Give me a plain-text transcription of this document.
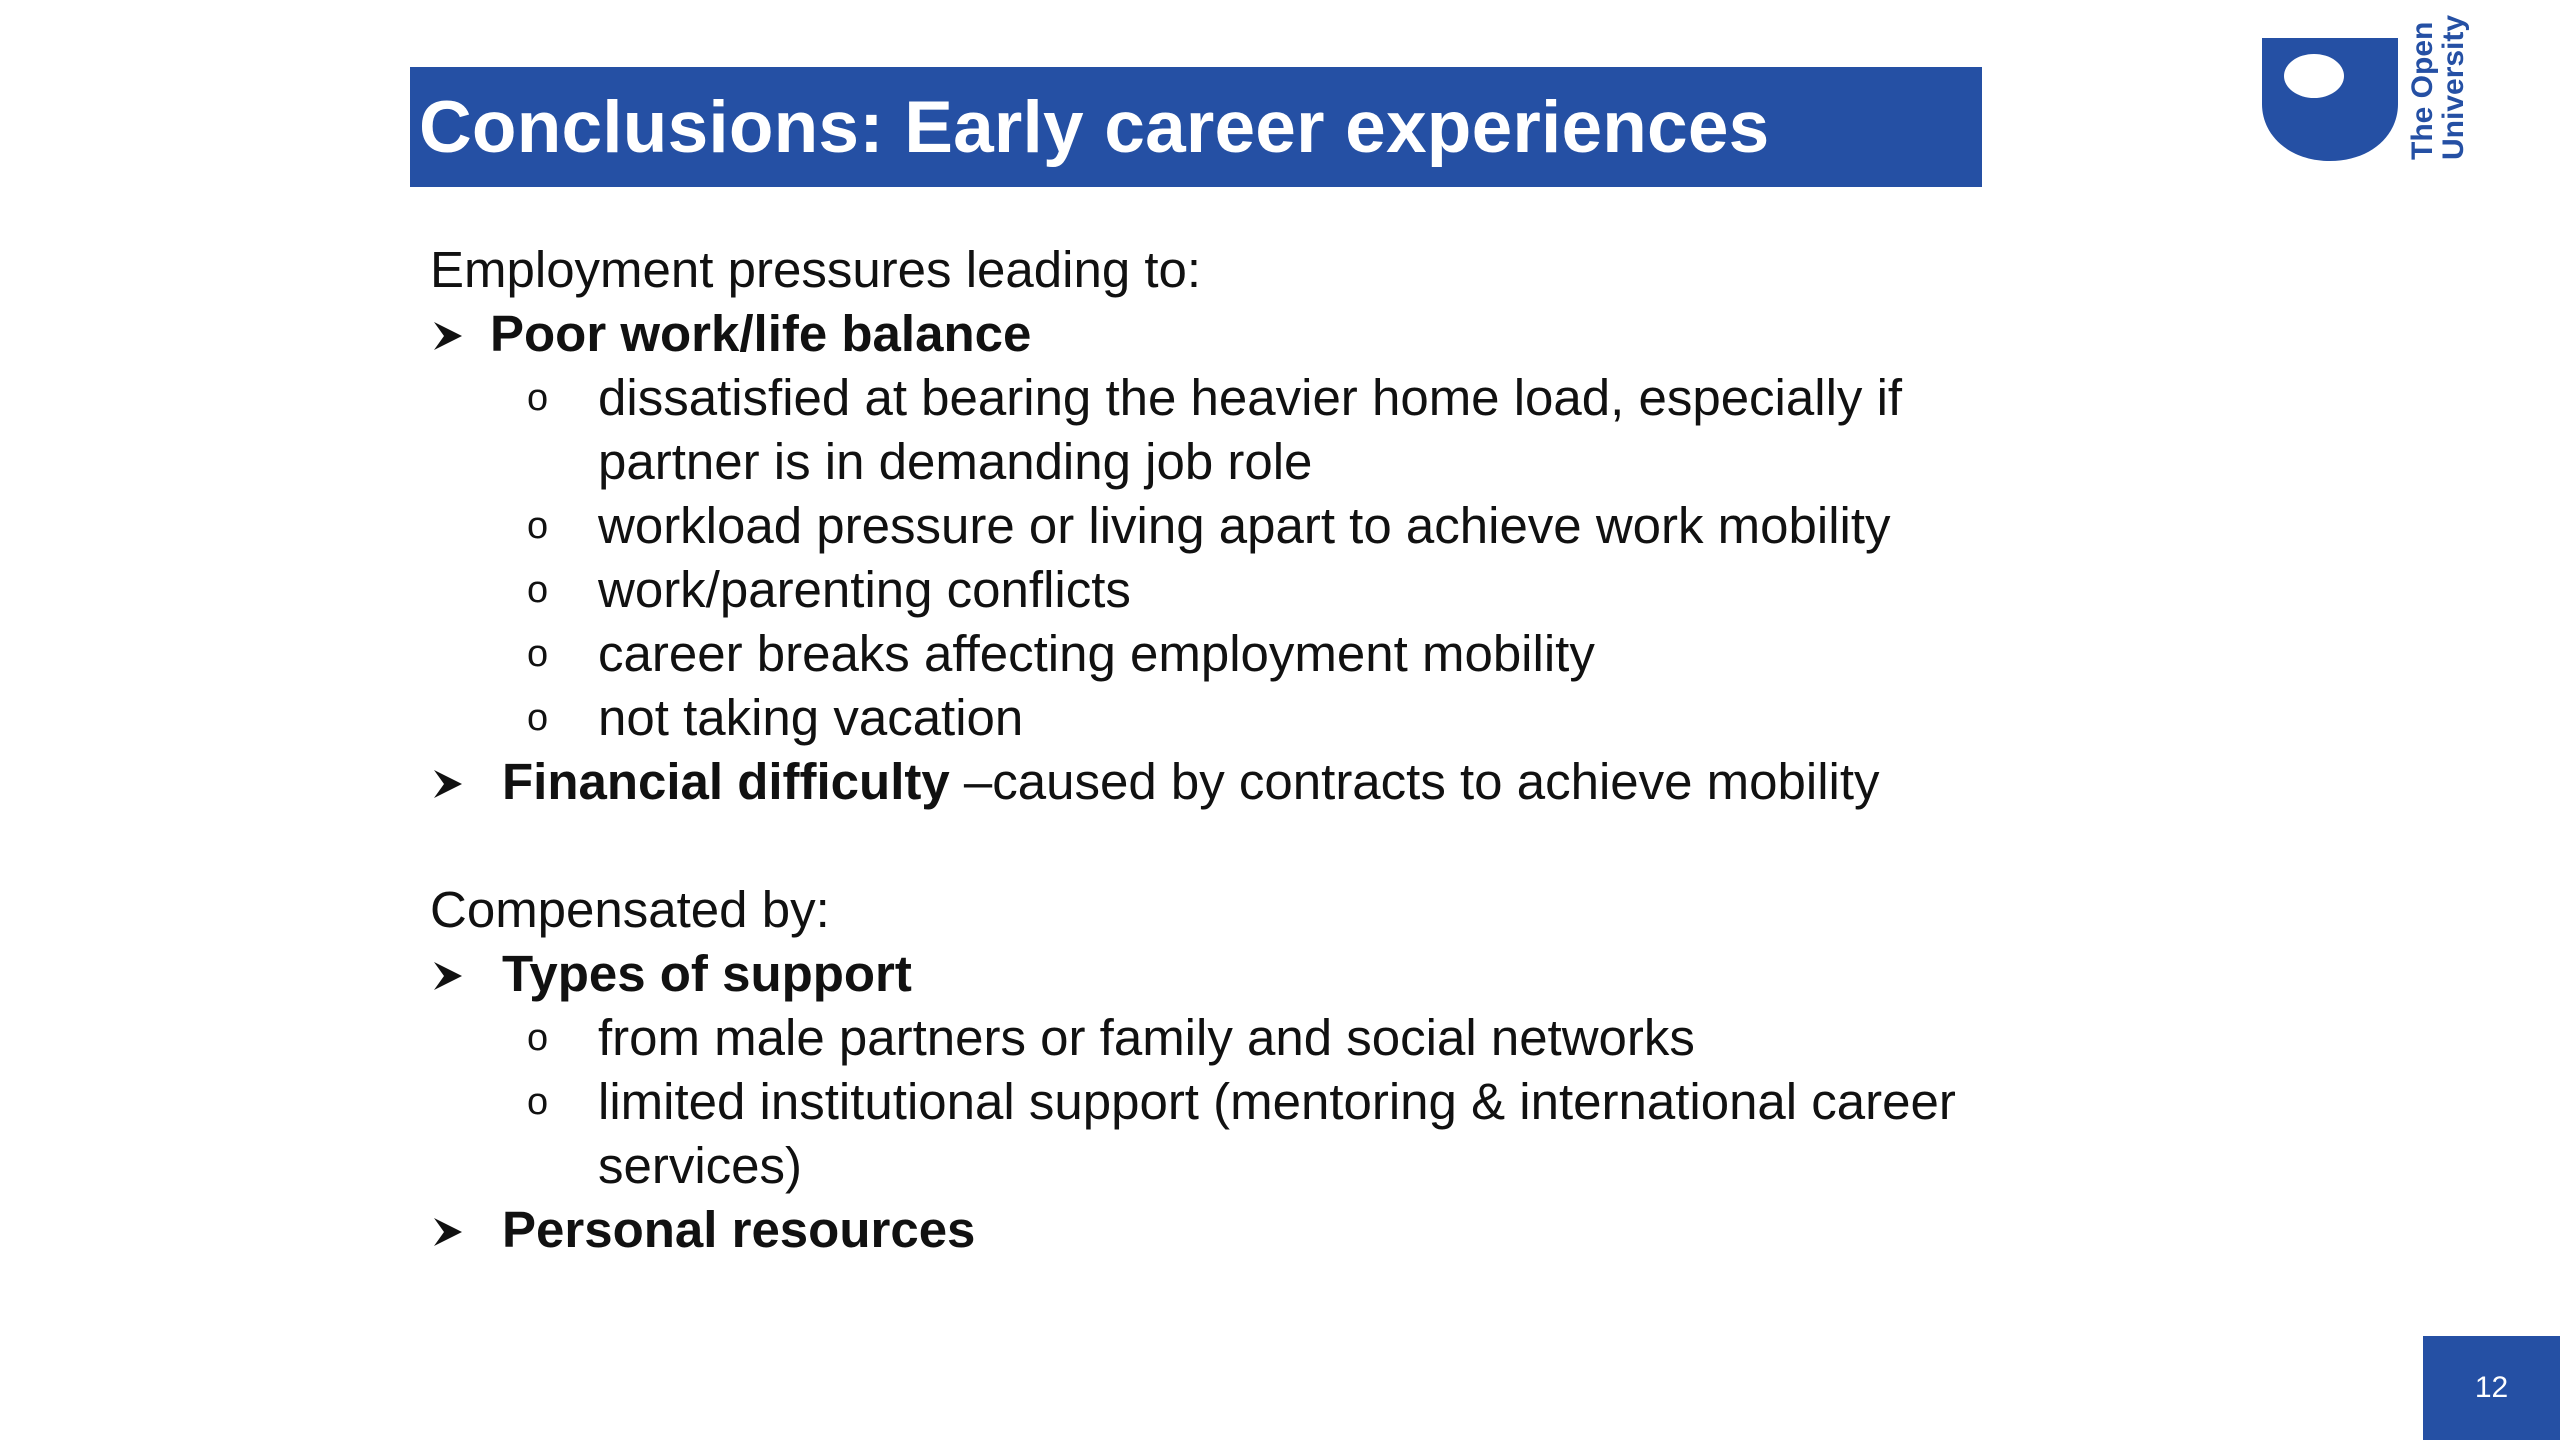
Conclusions: Early career experiences	The Open
University
Employment pressures leading to:
Poor work/life balance
o dissatisfied at bearing the heavier home load, especially if
partner is in demanding job role
o workload pressure or living apart to achieve work mobility
o work/parenting conflicts
o career breaks affecting employment mobility
o not taking vacation
Financial difficulty –caused by contracts to achieve mobility
Compensated by:
Types of support
o from male partners or family and social networks
o limited institutional support (mentoring & international career
services)
Personal resources
12
